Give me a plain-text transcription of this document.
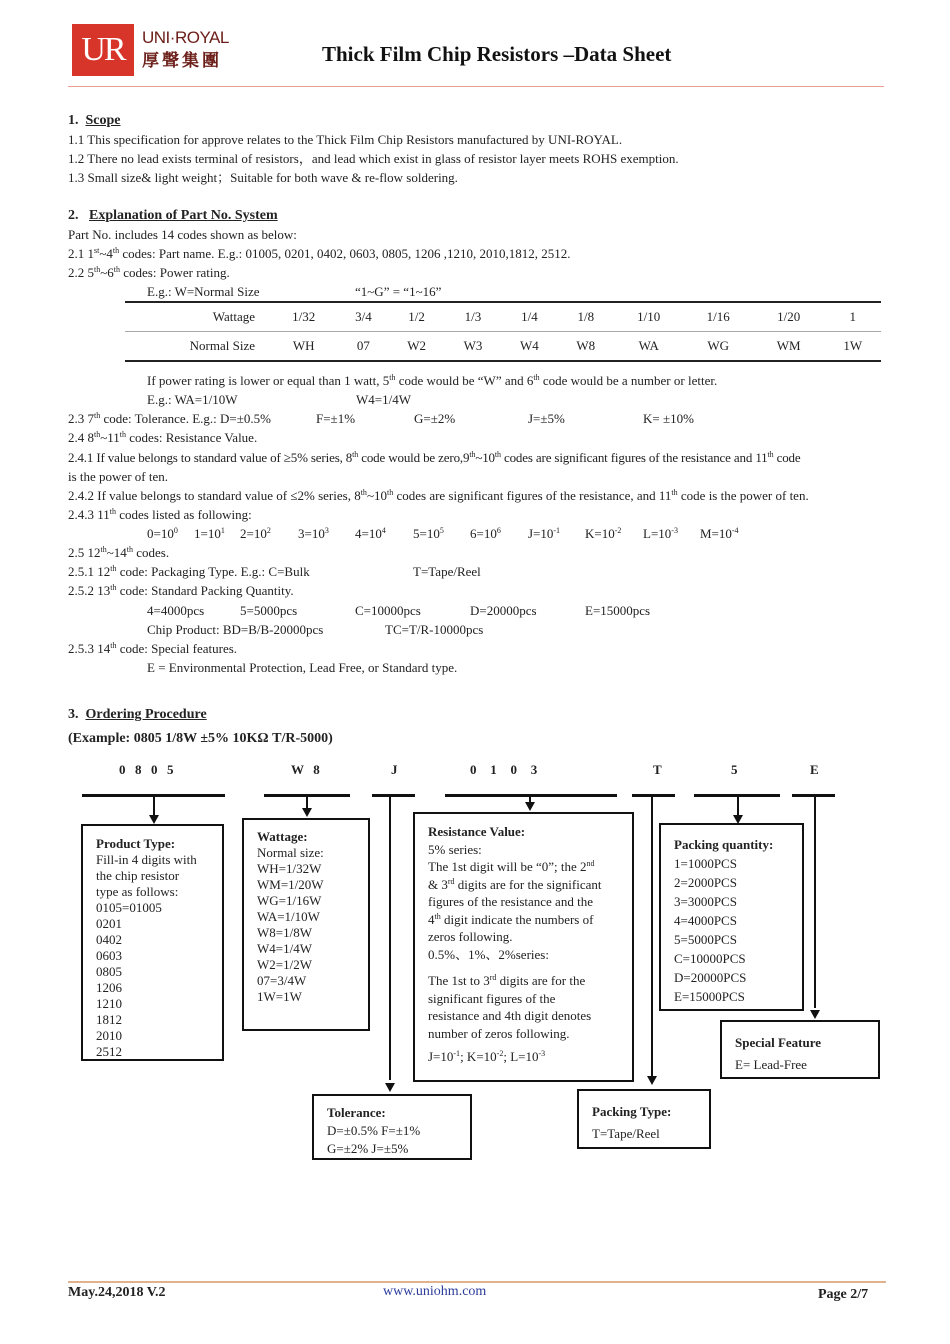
UR	UNI·ROYAL
厚聲集團	Thick Film Chip Resistors –Data Sheet
1. Scope
1.1 This specification for approve relates to the Thick Film Chip Resistors manufactured by UNI-ROYAL.
1.2 There no lead exists terminal of resistors，and lead which exist in glass of resistor layer meets ROHS exemption.
1.3 Small size& light weight；Suitable for both wave & re-flow soldering.
2. Explanation of Part No. System
Part No. includes 14 codes shown as below:
2.1 1st~4th codes: Part name. E.g.: 01005, 0201, 0402, 0603, 0805, 1206 ,1210, 2010,1812, 2512.
2.2 5th~6th codes: Power rating.
E.g.: W=Normal Size	“1~G” = “1~16”
Wattage	1/32	3/4	1/2	1/3	1/4	1/8	1/10	1/16	1/20	1
Normal Size	WH	07	W2	W3	W4	W8	WA	WG	WM	1W
If power rating is lower or equal than 1 watt, 5th code would be “W” and 6th code would be a number or letter.
E.g.: WA=1/10W	W4=1/4W
2.3 7th code: Tolerance. E.g.: D=±0.5%	F=±1%	G=±2%	J=±5%	K= ±10%
2.4 8th~11th codes: Resistance Value.
2.4.1 If value belongs to standard value of ≥5% series, 8th code would be zero,9th~10th codes are significant figures of the resistance and 11th code
is the power of ten.
2.4.2 If value belongs to standard value of ≤2% series, 8th~10th codes are significant figures of the resistance, and 11th code is the power of ten.
2.4.3 11th codes listed as following:
$0=10^0$ $1=10^1$ $2=10^2$ $3=10^3$ $4=10^4$ $5=10^5$ $6=10^6$ $J=10^{-1}$ $K=10^{-2}$ $L=10^{-3}$ $M=10^{-4}$
2.5 12th~14th codes.
2.5.1 12th code: Packaging Type. E.g.: C=Bulk	T=Tape/Reel
2.5.2 13th code: Standard Packing Quantity.
4=4000pcs	5=5000pcs	C=10000pcs	D=20000pcs	E=15000pcs
Chip Product: BD=B/B-20000pcs	TC=T/R-10000pcs
2.5.3 14th code: Special features.
E = Environmental Protection, Lead Free, or Standard type.
3. Ordering Procedure
(Example: 0805 1/8W ±5% 10KΩ T/R-5000)
0  8  0  5	W  8	J	0   1   0   3	T	5	E
Product Type:
Fill-in 4 digits with
the chip resistor
type as follows:
0105=01005
0201
0402
0603
0805
1206
1210
1812
2010
2512
Wattage:
Normal size:
WH=1/32W
WM=1/20W
WG=1/16W
WA=1/10W
W8=1/8W
W4=1/4W
W2=1/2W
07=3/4W
1W=1W
Resistance Value:
5% series:
The 1st digit will be “0”; the 2nd
& 3rd digits are for the significant
figures of the resistance and the
4th digit indicate the numbers of
zeros following.
0.5%、1%、2%series:
The 1st to 3rd digits are for the
significant figures of the
resistance and 4th digit denotes
number of zeros following.
$J=10^{-1}$; $K=10^{-2}$; $L=10^{-3}$
Packing quantity:
1=1000PCS
2=2000PCS
3=3000PCS
4=4000PCS
5=5000PCS
C=10000PCS
D=20000PCS
E=15000PCS
Special Feature
E= Lead-Free
Tolerance:
D=±0.5% F=±1%
G=±2% J=±5%
Packing Type:
T=Tape/Reel
May.24,2018 V.2	www.uniohm.com	Page 2/7
